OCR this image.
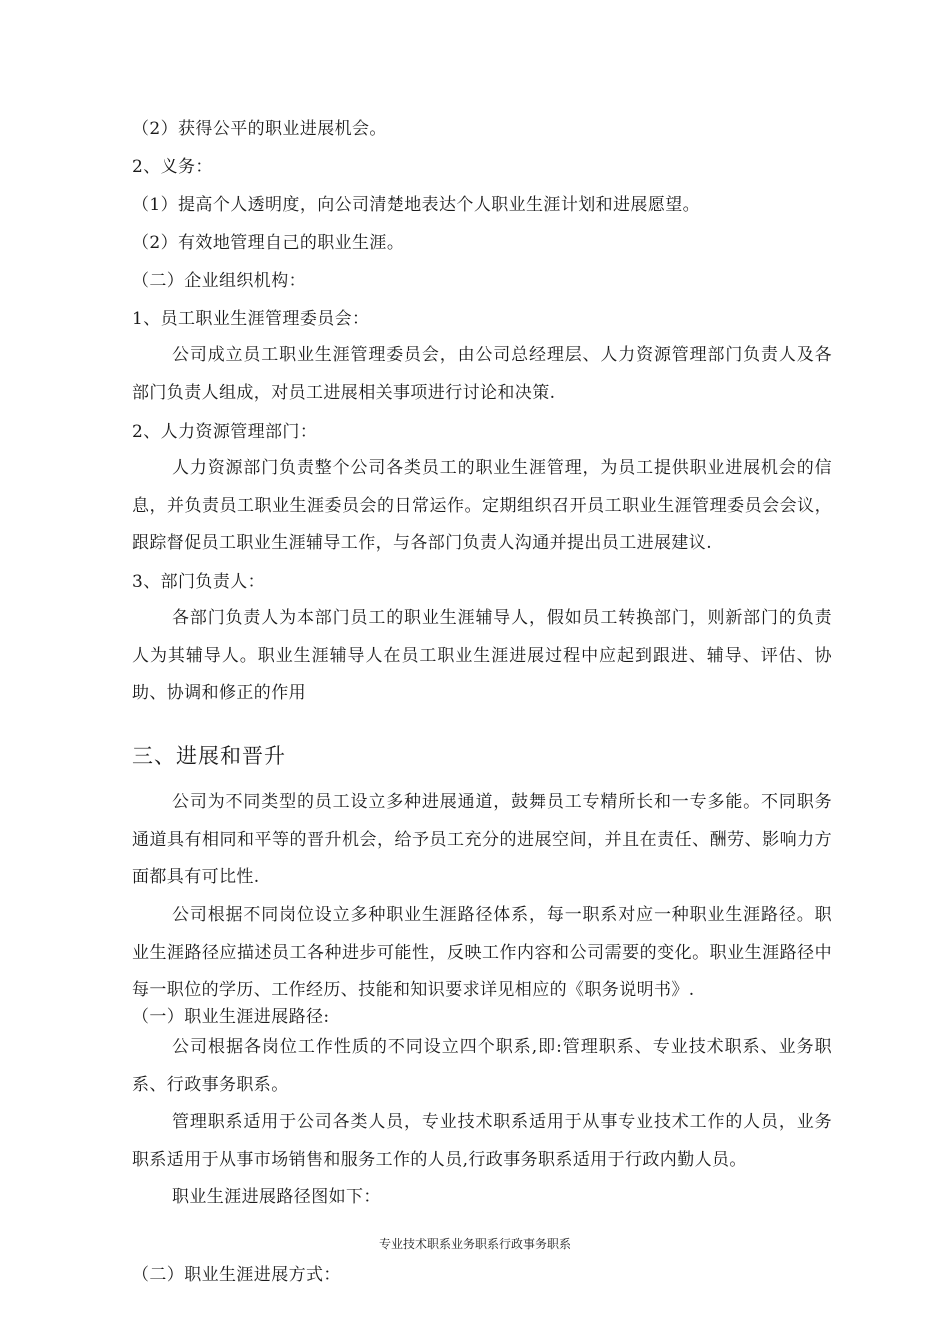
（2）获得公平的职业进展机会。
2、义务：
（1）提高个人透明度，向公司清楚地表达个人职业生涯计划和进展愿望。
（2）有效地管理自己的职业生涯。
（二）企业组织机构：
1、员工职业生涯管理委员会：
公司成立员工职业生涯管理委员会，由公司总经理层、人力资源管理部门负责人及各部门负责人组成，对员工进展相关事项进行讨论和决策.
2、人力资源管理部门：
人力资源部门负责整个公司各类员工的职业生涯管理，为员工提供职业进展机会的信息，并负责员工职业生涯委员会的日常运作。定期组织召开员工职业生涯管理委员会会议，跟踪督促员工职业生涯辅导工作，与各部门负责人沟通并提出员工进展建议.
3、部门负责人：
各部门负责人为本部门员工的职业生涯辅导人，假如员工转换部门，则新部门的负责人为其辅导人。职业生涯辅导人在员工职业生涯进展过程中应起到跟进、辅导、评估、协助、协调和修正的作用
三、进展和晋升
公司为不同类型的员工设立多种进展通道，鼓舞员工专精所长和一专多能。不同职务通道具有相同和平等的晋升机会，给予员工充分的进展空间，并且在责任、酬劳、影响力方面都具有可比性.
公司根据不同岗位设立多种职业生涯路径体系，每一职系对应一种职业生涯路径。职业生涯路径应描述员工各种进步可能性，反映工作内容和公司需要的变化。职业生涯路径中每一职位的学历、工作经历、技能和知识要求详见相应的《职务说明书》.
（一）职业生涯进展路径:
公司根据各岗位工作性质的不同设立四个职系,即:管理职系、专业技术职系、业务职系、行政事务职系。
管理职系适用于公司各类人员，专业技术职系适用于从事专业技术工作的人员，业务职系适用于从事市场销售和服务工作的人员,行政事务职系适用于行政内勤人员。
职业生涯进展路径图如下：
专业技术职系业务职系行政事务职系
（二）职业生涯进展方式：
